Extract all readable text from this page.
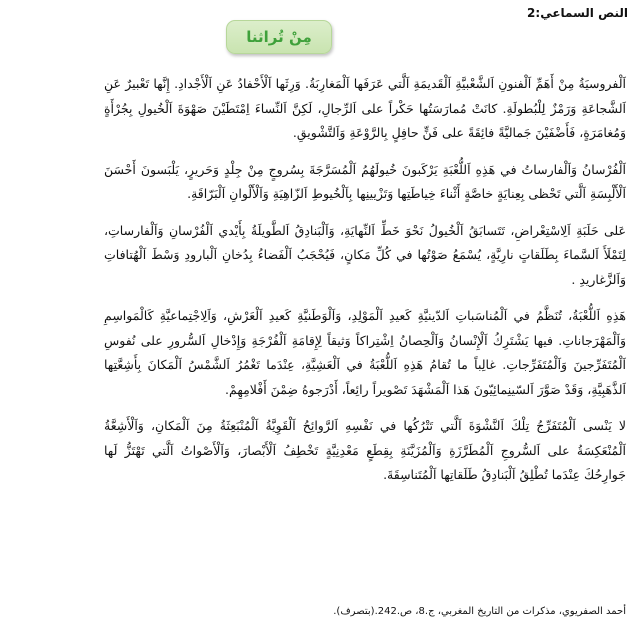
النص السماعي:2
مِنْ تُراثنا

اَلْفروسيَةُ مِنْ أَهَمِّ اَلْفنونِ اَلشَّعْبيَّةِ اَلْقَديمَةِ اَلَّتي عَرَفَها اَلْمَغارِبَةُ. وَرِثَها اَلْأَحْفادُ عَنِ اَلْأَجْدادِ. إِنَّها تَعْبيرٌ عَنِ اَلشَّجاعَةِ وَرَمْزٌ لِلْبُطولَةِ. كانَتْ مُمارَسَتُها حَكْراً على اَلرِّجالِ، لَكِنَّ اَلنِّساءَ اِمْتَطَيْنَ صَهْوَةَ اَلْخُيولِ بِجُرْأَةٍ وَمُغامَرَةٍ، فَأَضْفَيْنَ جَماليَّةً فائِقَةً على فَنٍّ حافِلٍ بِالرَّوْعَةِ وَاَلتَّشْويقِ.

اَلْفُرْسانُ وَاَلْفارساتُ في هَذِهِ اَللُّعْبَةِ يَرْكَبونَ خُيولَهُمُ اَلْمُسَرَّجَةَ بِسُروجٍ مِنْ جِلْدٍ وَحَريرٍ، يَلْبَسونَ أَحْسَنَ اَلْأَلْبِسَةِ اَلَّتي تَحْظى بِعِنايَةٍ خاصَّةٍ أَثْناءَ خِياطَتِها وَتَزْيينِها بِاَلْخُيوطِ اَلزّاهِيَةِ وَاَلْأَلْوانِ اَلْبَرّاقَةِ.

عَلى حَلَبَةِ اَلِاسْتِعْراضِ، تَتَسابَقُ اَلْخُيولُ نَحْوَ خَطِّ اَلنِّهايَةِ، وَاَلْبَنادِقُ اَلطَّويلَةُ بِأَيْدي اَلْفُرْسانِ وَاَلْفارساتِ، لِتَمْلَأَ اَلسَّماءَ بِطَلَقاتٍ نارِيَّةٍ، يُسْمَعُ صَوْتُها في كُلِّ مَكانٍ، فَيُحْجَبُ اَلْفَضاءُ بِدُخانِ اَلْبارودِ وَسْطَ اَلْهُتافاتِ وَاَلزَّغاريدِ .

هَذِهِ اَللُّعْبَةُ، تُنَظَّمُ في اَلْمُناسَباتِ اَلدّينيَّةِ كَعيدِ اَلْمَوْلِدِ، وَاَلْوَطَنيَّةِ كَعيدِ اَلْعَرْشِ، وَاَلِاجْتِماعيَّةِ كَالْمَواسِمِ وَاَلْمَهْرَجاناتِ. فيها يَشْتَرِكُ اَلْإِنْسانُ وَاَلْحِصانُ اِشْتِراكاً وَثيقاً لِإِقامَةِ اَلْفُرْجَةِ وَإِدْخالِ اَلسُّرورِ على نُفوسِ اَلْمُتَفَرِّجينَ وَاَلْمُتَفَرِّجاتِ. غالِباً ما تُقامُ هَذِهِ اَللُّعْبَةُ في اَلْعَشِيَّةِ، عِنْدَما تَغْمُرُ اَلشَّمْسُ اَلْمَكانَ بِأَشِعَّتِها اَلذَّهَبِيَّةِ، وَقَدْ صَوَّرَ اَلسّينِمائِيّونَ هَذا اَلْمَشْهَدَ تَصْويراً رائِعاً، أَدْرَجوهُ ضِمْنَ أَفْلامِهِمْ.

لا يَنْسى اَلْمُتَفَرِّجُ تِلْكَ اَلنَّشْوَةَ اَلَّتي تَتْرُكُها في نَفْسِهِ اَلرَّوائِحُ اَلْقَوِيَّةُ اَلْمُنْبَعِثَةُ مِنَ اَلْمَكانِ، وَاَلْأَشِعَّةُ اَلْمُنْعَكِسَةُ على اَلسُّروجِ اَلْمُطَرَّزَةِ وَاَلْمُزَيَّنَةِ بِقِطَعٍ مَعْدِنِيَّةٍ تَخْطِفُ اَلْأَبْصارَ، وَاَلْأَصْواتُ اَلَّتي تَهْتَزُّ لَها جَوارِحُكَ عِنْدَما تُطْلِقُ اَلْبَنادِقُ طَلَقاتِها اَلْمُتَناسِقَةَ.

أحمد الصفريوي، مذكرات من التاريخ المغربي، ج.8، ص.242.(بتصرف).
